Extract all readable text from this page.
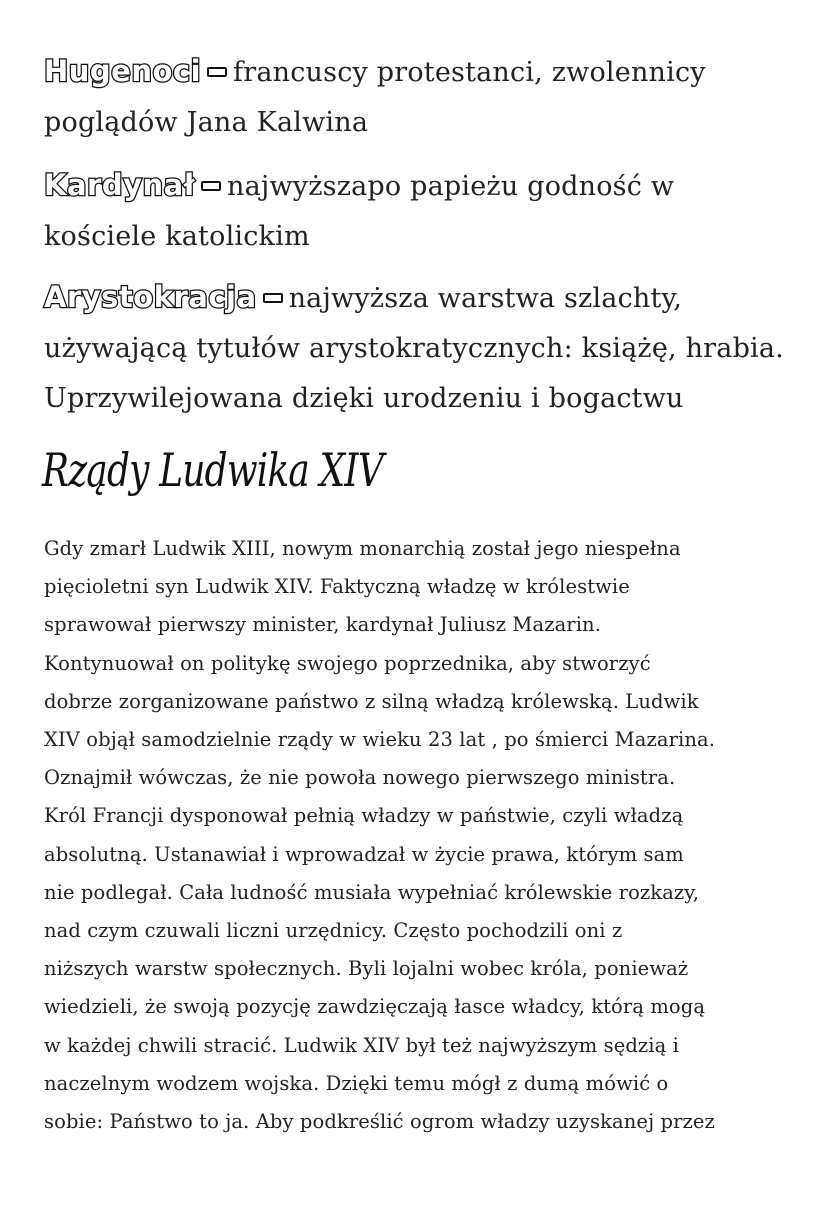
Hugenoci francuscy protestanci, zwolennicy
poglądów Jana Kalwina
Kardynał najwyższapo papieżu godność w
kościele katolickim
Arystokracja najwyższa warstwa szlachty,
używającą tytułów arystokratycznych: książę, hrabia.
Uprzywilejowana dzięki urodzeniu i bogactwu
Rządy Ludwika XIV
Gdy zmarł Ludwik XIII, nowym monarchią został jego niespełna
pięcioletni syn Ludwik XIV. Faktyczną władzę w królestwie
sprawował pierwszy minister, kardynał Juliusz Mazarin.
Kontynuował on politykę swojego poprzednika, aby stworzyć
dobrze zorganizowane państwo z silną władzą królewską. Ludwik
XIV objął samodzielnie rządy w wieku 23 lat , po śmierci Mazarina.
Oznajmił wówczas, że nie powoła nowego pierwszego ministra.
Król Francji dysponował pełnią władzy w państwie, czyli władzą
absolutną. Ustanawiał i wprowadzał w życie prawa, którym sam
nie podlegał. Cała ludność musiała wypełniać królewskie rozkazy,
nad czym czuwali liczni urzędnicy. Często pochodzili oni z
niższych warstw społecznych. Byli lojalni wobec króla, ponieważ
wiedzieli, że swoją pozycję zawdzięczają łasce władcy, którą mogą
w każdej chwili stracić. Ludwik XIV był też najwyższym sędzią i
naczelnym wodzem wojska. Dzięki temu mógł z dumą mówić o
sobie: Państwo to ja. Aby podkreślić ogrom władzy uzyskanej przez
